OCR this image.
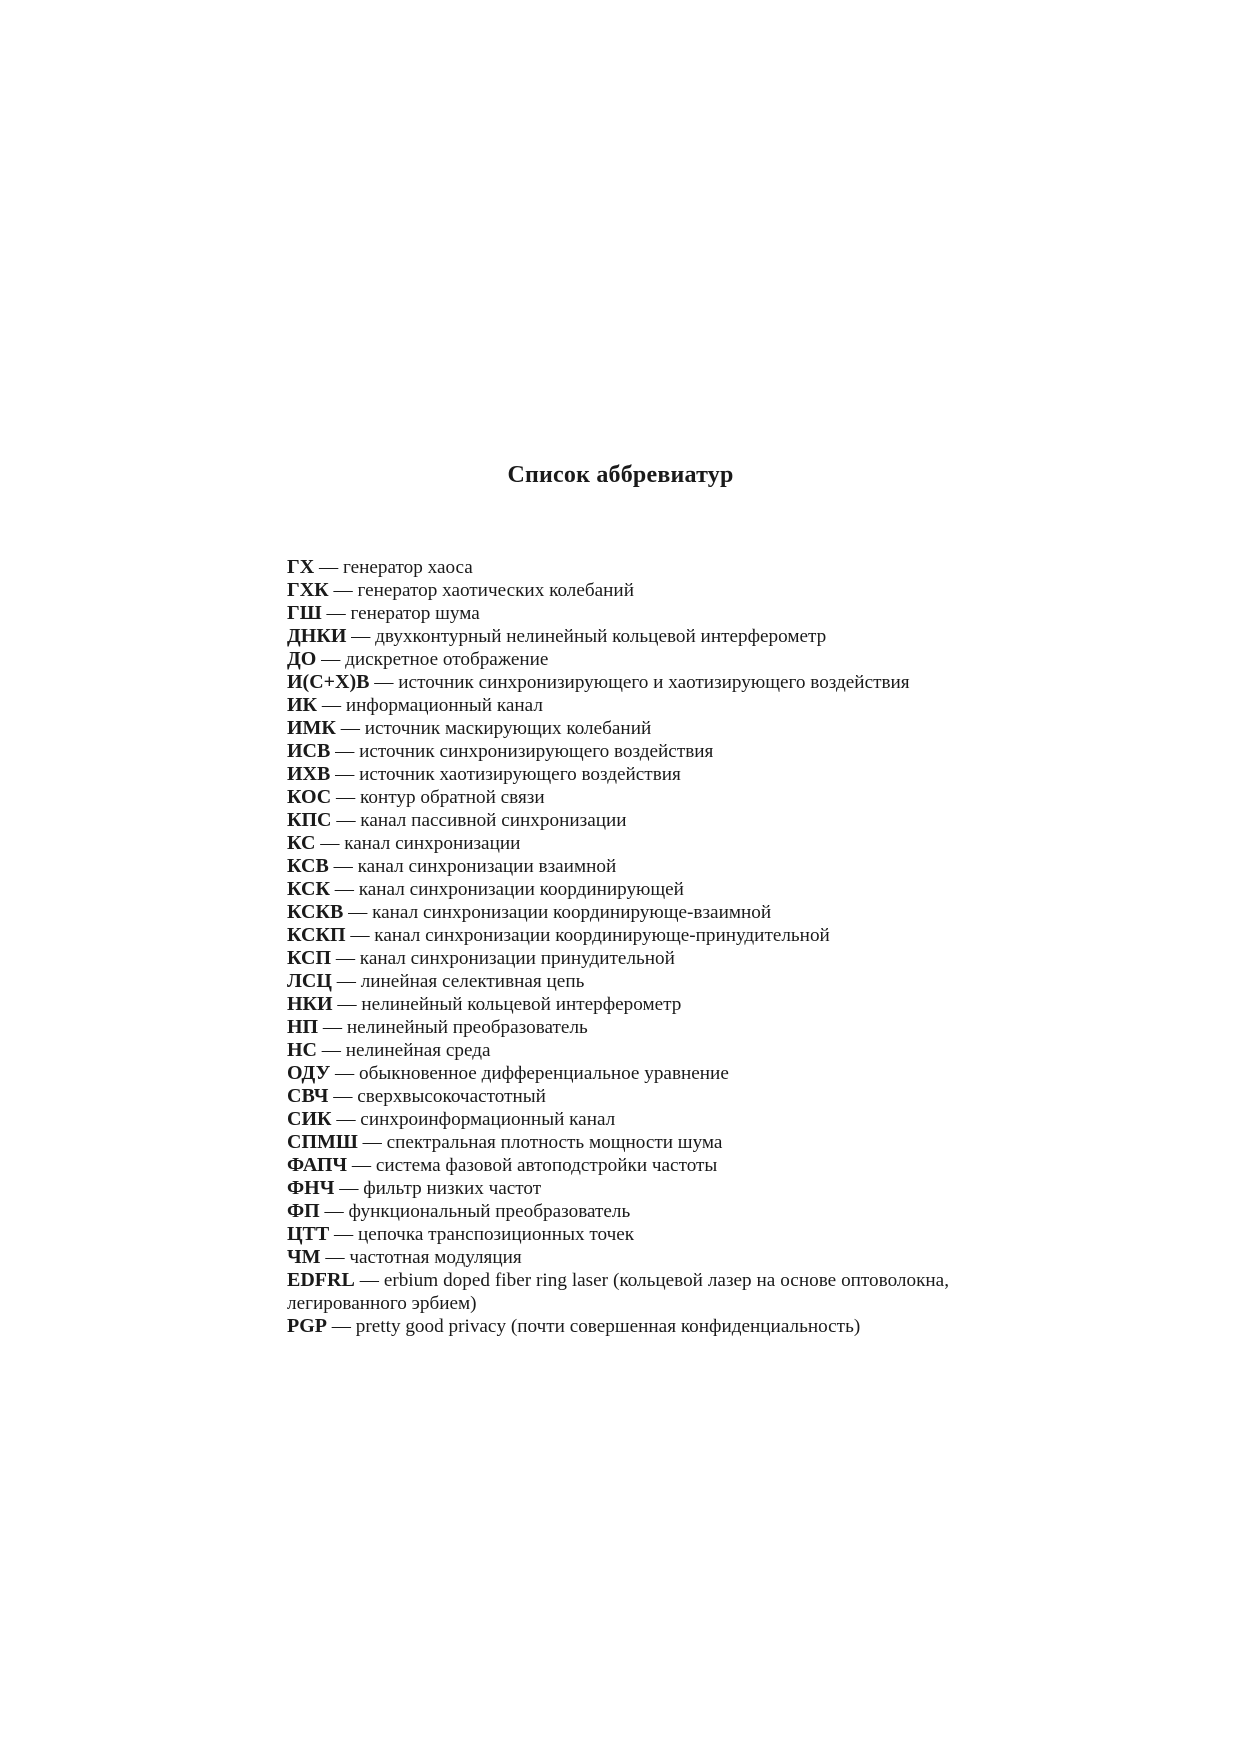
Список аббревиатур
ГХ — генератор хаоса
ГХК — генератор хаотических колебаний
ГШ — генератор шума
ДНКИ — двухконтурный нелинейный кольцевой интерферометр
ДО — дискретное отображение
И(С+Х)В — источник синхронизирующего и хаотизирующего воздействия
ИК — информационный канал
ИМК — источник маскирующих колебаний
ИСВ — источник синхронизирующего воздействия
ИХВ — источник хаотизирующего воздействия
КОС — контур обратной связи
КПС — канал пассивной синхронизации
КС — канал синхронизации
КСВ — канал синхронизации взаимной
КСК — канал синхронизации координирующей
КСКВ — канал синхронизации координирующе-взаимной
КСКП — канал синхронизации координирующе-принудительной
КСП — канал синхронизации принудительной
ЛСЦ — линейная селективная цепь
НКИ — нелинейный кольцевой интерферометр
НП — нелинейный преобразователь
НС — нелинейная среда
ОДУ — обыкновенное дифференциальное уравнение
СВЧ — сверхвысокочастотный
СИК — синхроинформационный канал
СПМШ — спектральная плотность мощности шума
ФАПЧ — система фазовой автоподстройки частоты
ФНЧ — фильтр низких частот
ФП — функциональный преобразователь
ЦТТ — цепочка транспозиционных точек
ЧМ — частотная модуляция
EDFRL — erbium doped fiber ring laser (кольцевой лазер на основе оптоволокна, легированного эрбием)
PGP — pretty good privacy (почти совершенная конфиденциальность)
